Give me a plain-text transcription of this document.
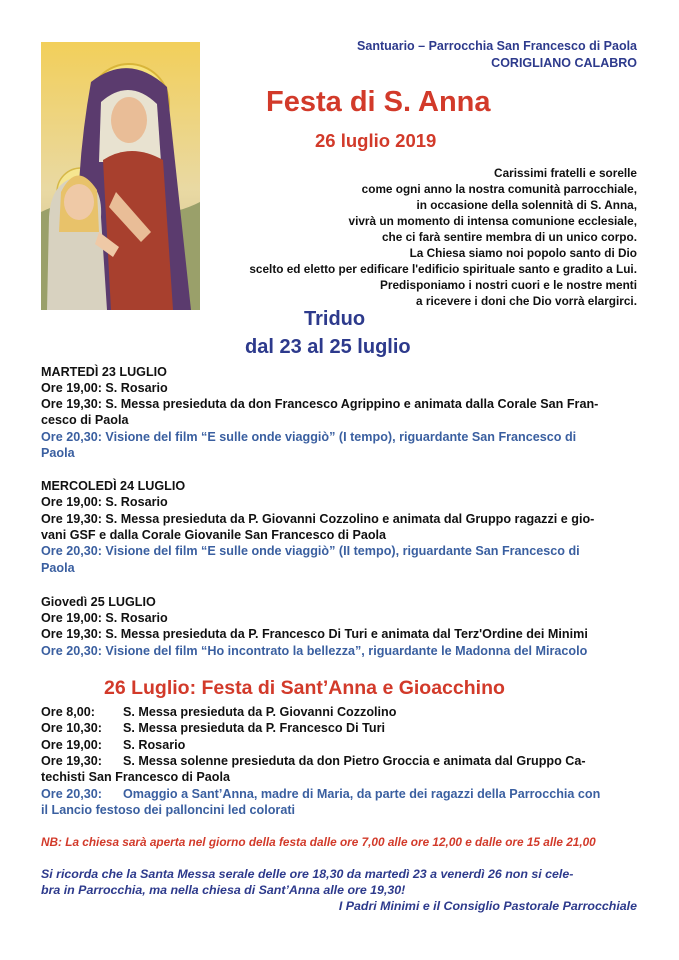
Santuario – Parrocchia San Francesco di Paola
CORIGLIANO CALABRO
Festa di S. Anna
26 luglio 2019
Carissimi fratelli e sorelle
come ogni anno la nostra comunità parrocchiale,
in occasione della solennità di S. Anna,
vivrà un momento di intensa comunione ecclesiale,
che ci farà sentire membra di un unico corpo.
La Chiesa siamo noi popolo santo di Dio
scelto ed eletto per edificare l'edificio spirituale santo e gradito a Lui.
Predisponiamo i nostri cuori e le nostre menti
a ricevere i doni che Dio vorrà elargirci.
Triduo
dal 23 al 25 luglio
MARTEDÌ 23 LUGLIO
Ore 19,00: S. Rosario
Ore 19,30: S. Messa presieduta da don Francesco Agrippino e animata dalla Corale San Fran-
cesco di Paola
Ore 20,30: Visione del film “E sulle onde viaggiò” (I tempo), riguardante San Francesco di
Paola
MERCOLEDÌ 24 LUGLIO
Ore 19,00: S. Rosario
Ore 19,30: S. Messa presieduta da P. Giovanni Cozzolino e animata dal Gruppo ragazzi e gio-
vani GSF e dalla Corale Giovanile San Francesco di Paola
Ore 20,30: Visione del film “E sulle onde viaggiò” (II tempo), riguardante San Francesco di
Paola
Giovedì 25 LUGLIO
Ore 19,00: S. Rosario
Ore 19,30: S. Messa presieduta da P. Francesco Di Turi e animata dal Terz'Ordine dei Minimi
Ore 20,30: Visione del film “Ho incontrato la bellezza”, riguardante le Madonna del Miracolo
26 Luglio: Festa di Sant’Anna e Gioacchino
Ore 8,00: S. Messa presieduta da P. Giovanni Cozzolino
Ore 10,30: S. Messa presieduta da P. Francesco Di Turi
Ore 19,00: S. Rosario
Ore 19,30: S. Messa solenne presieduta da don Pietro Groccia e animata dal Gruppo Ca-
techisti San Francesco di Paola
Ore 20,30: Omaggio a Sant’Anna, madre di Maria, da parte dei ragazzi della Parrocchia con
il Lancio festoso dei palloncini led colorati
NB: La chiesa sarà aperta nel giorno della festa dalle ore 7,00 alle ore 12,00 e dalle ore 15 alle 21,00
Si ricorda che la Santa Messa serale delle ore 18,30 da martedì 23 a venerdì 26 non si cele-
bra in Parrocchia, ma nella chiesa di Sant’Anna alle ore 19,30!
I Padri Minimi e il Consiglio Pastorale Parrocchiale
